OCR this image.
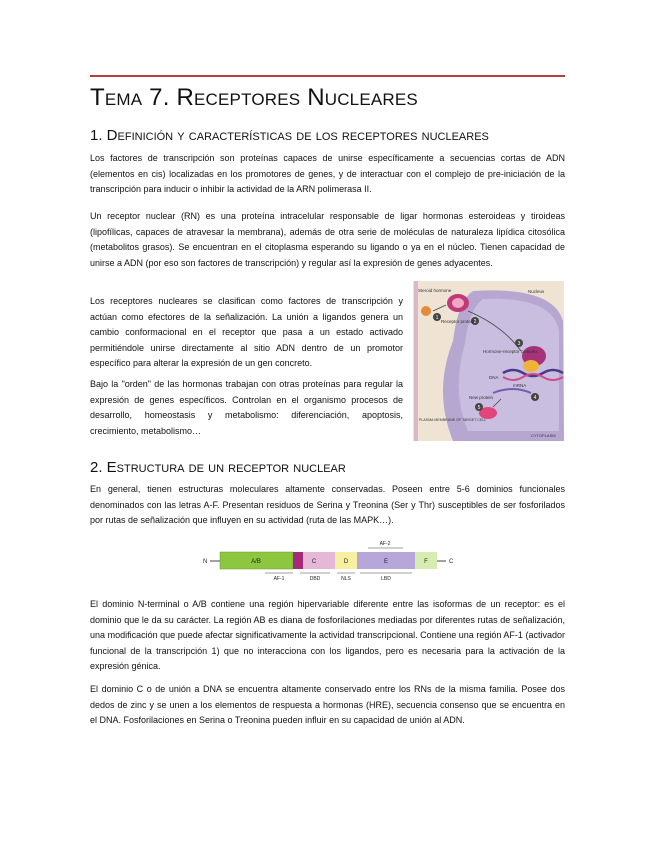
Tema 7. Receptores Nucleares
1. Definición y características de los receptores nucleares

Los factores de transcripción son proteínas capaces de unirse específicamente a secuencias cortas de ADN (elementos en cis) localizadas en los promotores de genes, y de interactuar con el complejo de pre-iniciación de la transcripción para inducir o inhibir la actividad de la ARN polimerasa II.

Un receptor nuclear (RN) es una proteína intracelular responsable de ligar hormonas esteroideas y tiroideas (lipofílicas, capaces de atravesar la membrana), además de otra serie de moléculas de naturaleza lipídica citosólica (metabolitos grasos). Se encuentran en el citoplasma esperando su ligando o ya en el núcleo. Tienen capacidad de unirse a ADN (por eso son factores de transcripción) y regular así la expresión de genes adyacentes.

Los receptores nucleares se clasifican como factores de transcripción y actúan como efectores de la señalización. La unión a ligandos genera un cambio conformacional en el receptor que pasa a un estado activado permitiéndole unirse directamente al sitio ADN dentro de un promotor específico para alterar la expresión de un gen concreto.

Bajo la "orden" de las hormonas trabajan con otras proteínas para regular la expresión de genes específicos. Controlan en el organismo procesos de desarrollo, homeostasis y metabolismo: diferenciación, apoptosis, crecimiento, metabolismo…

1
2
3
4
5
Steroid hormone	Nucleus
Receptor protein
Hormone-receptor complex
DNA
mRNA
New protein
PLASMA MEMBRANE OF TARGET CELL
CYTOPLASM
2. Estructura de un receptor nuclear

En general, tienen estructuras moleculares altamente conservadas. Poseen entre 5-6 dominios funcionales denominados con las letras A-F. Presentan residuos de Serina y Treonina (Ser y Thr) susceptibles de ser fosforilados por rutas de señalización que influyen en su actividad (ruta de las MAPK…).

N	A/B	C	D	E	F	C
AF-2
AF-1	DBD	NLS	LBD

El dominio N-terminal o A/B contiene una región hipervariable diferente entre las isoformas de un receptor: es el dominio que le da su carácter. La región AB es diana de fosforilaciones mediadas por diferentes rutas de señalización, una modificación que puede afectar significativamente la actividad transcripcional. Contiene una región AF-1 (activador funcional de la transcripción 1) que no interacciona con los ligandos, pero es necesaria para la activación de la expresión génica.

El dominio C o de unión a DNA se encuentra altamente conservado entre los RNs de la misma familia. Posee dos dedos de zinc y se unen a los elementos de respuesta a hormonas (HRE), secuencia consenso que se encuentra en el DNA. Fosforilaciones en Serina o Treonina pueden influir en su capacidad de unión al ADN.
